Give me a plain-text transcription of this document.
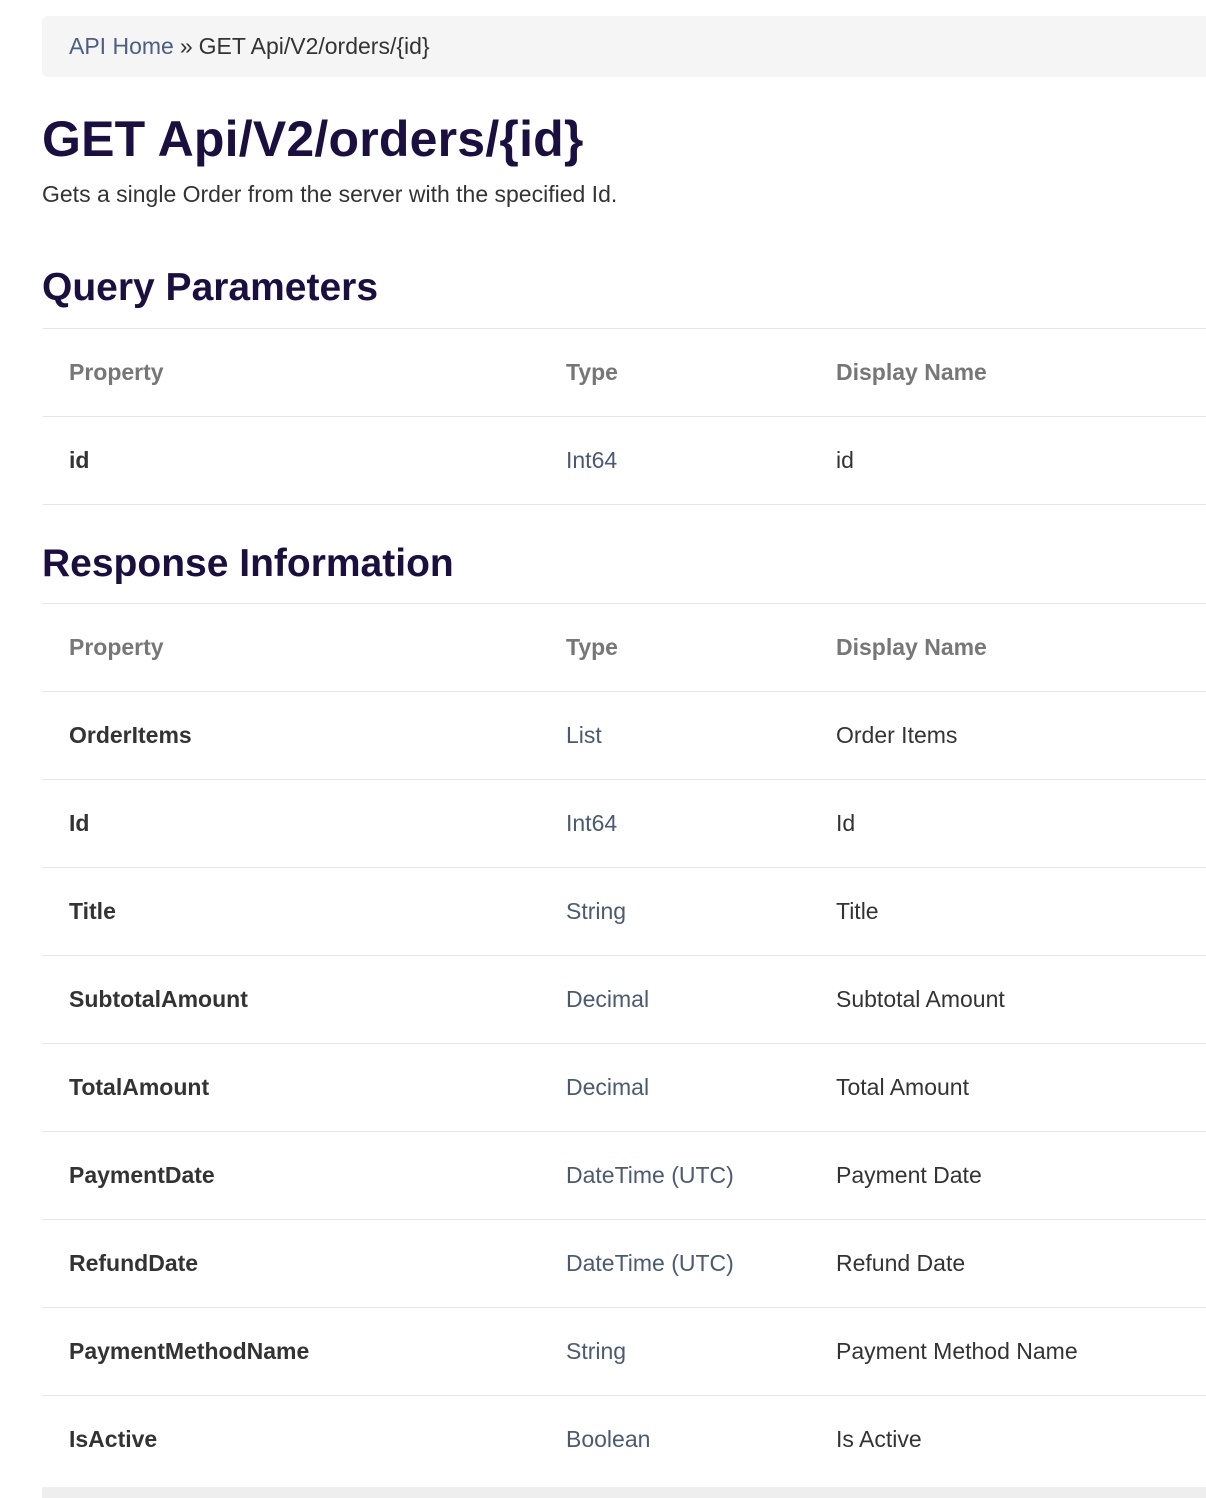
API Home » GET Api/V2/orders/{id}
GET Api/V2/orders/{id}

Gets a single Order from the server with the specified Id.

Query Parameters
Property	Type	Display Name
id	Int64	id
Response Information
Property	Type	Display Name
OrderItems	List	Order Items
Id	Int64	Id
Title	String	Title
SubtotalAmount	Decimal	Subtotal Amount
TotalAmount	Decimal	Total Amount
PaymentDate	DateTime (UTC)	Payment Date
RefundDate	DateTime (UTC)	Refund Date
PaymentMethodName	String	Payment Method Name
IsActive	Boolean	Is Active
